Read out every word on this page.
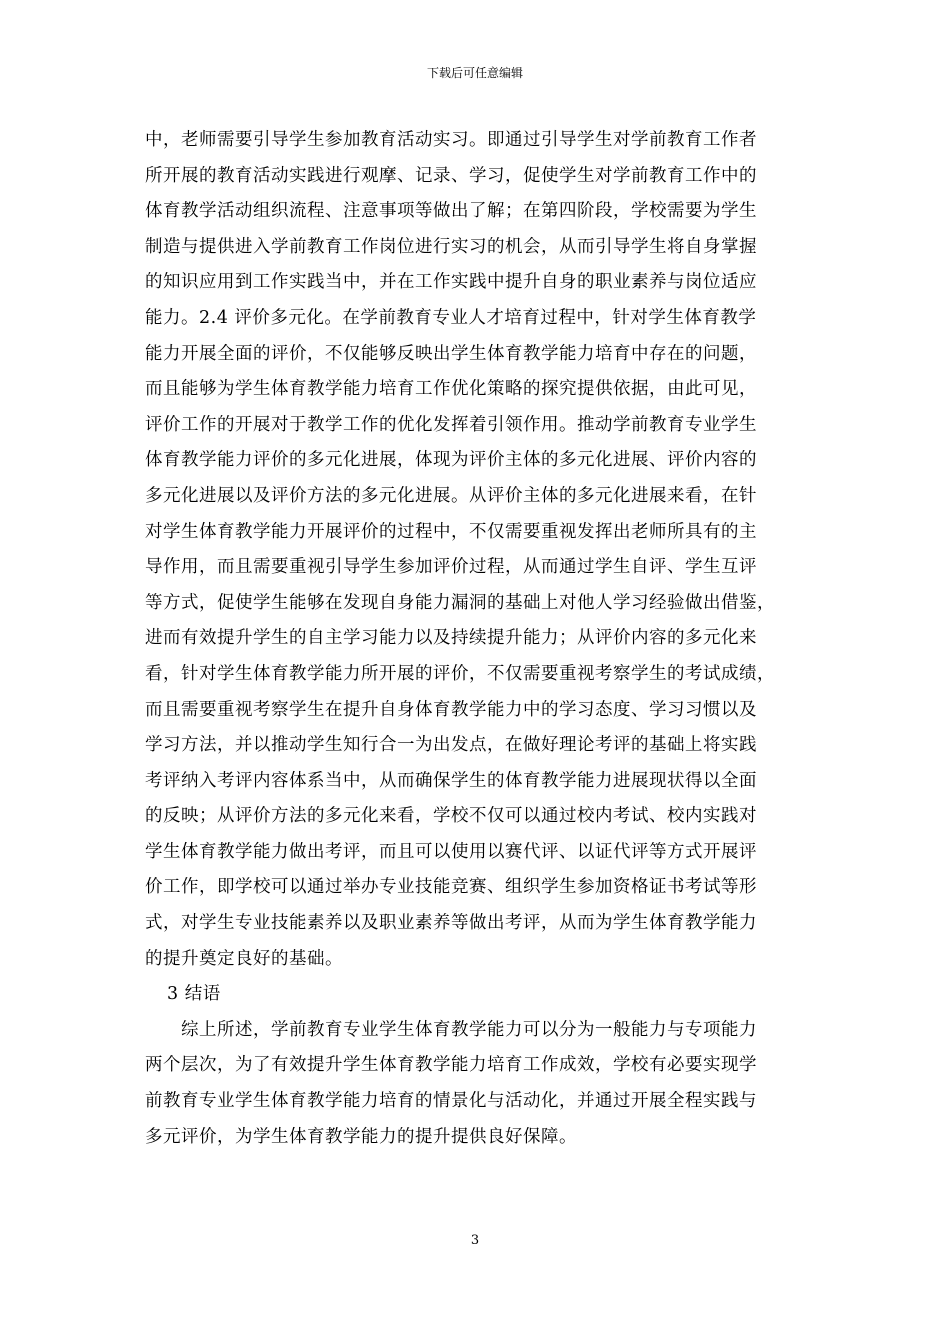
下载后可任意编辑
中，老师需要引导学生参加教育活动实习。即通过引导学生对学前教育工作者
所开展的教育活动实践进行观摩、记录、学习，促使学生对学前教育工作中的
体育教学活动组织流程、注意事项等做出了解；在第四阶段，学校需要为学生
制造与提供进入学前教育工作岗位进行实习的机会，从而引导学生将自身掌握
的知识应用到工作实践当中，并在工作实践中提升自身的职业素养与岗位适应
能力。2.4 评价多元化。在学前教育专业人才培育过程中，针对学生体育教学
能力开展全面的评价，不仅能够反映出学生体育教学能力培育中存在的问题，
而且能够为学生体育教学能力培育工作优化策略的探究提供依据，由此可见，
评价工作的开展对于教学工作的优化发挥着引领作用。推动学前教育专业学生
体育教学能力评价的多元化进展，体现为评价主体的多元化进展、评价内容的
多元化进展以及评价方法的多元化进展。从评价主体的多元化进展来看，在针
对学生体育教学能力开展评价的过程中，不仅需要重视发挥出老师所具有的主
导作用，而且需要重视引导学生参加评价过程，从而通过学生自评、学生互评
等方式，促使学生能够在发现自身能力漏洞的基础上对他人学习经验做出借鉴，
进而有效提升学生的自主学习能力以及持续提升能力；从评价内容的多元化来
看，针对学生体育教学能力所开展的评价，不仅需要重视考察学生的考试成绩，
而且需要重视考察学生在提升自身体育教学能力中的学习态度、学习习惯以及
学习方法，并以推动学生知行合一为出发点，在做好理论考评的基础上将实践
考评纳入考评内容体系当中，从而确保学生的体育教学能力进展现状得以全面
的反映；从评价方法的多元化来看，学校不仅可以通过校内考试、校内实践对
学生体育教学能力做出考评，而且可以使用以赛代评、以证代评等方式开展评
价工作，即学校可以通过举办专业技能竞赛、组织学生参加资格证书考试等形
式，对学生专业技能素养以及职业素养等做出考评，从而为学生体育教学能力
的提升奠定良好的基础。
3 结语
综上所述，学前教育专业学生体育教学能力可以分为一般能力与专项能力
两个层次，为了有效提升学生体育教学能力培育工作成效，学校有必要实现学
前教育专业学生体育教学能力培育的情景化与活动化，并通过开展全程实践与
多元评价，为学生体育教学能力的提升提供良好保障。
3
